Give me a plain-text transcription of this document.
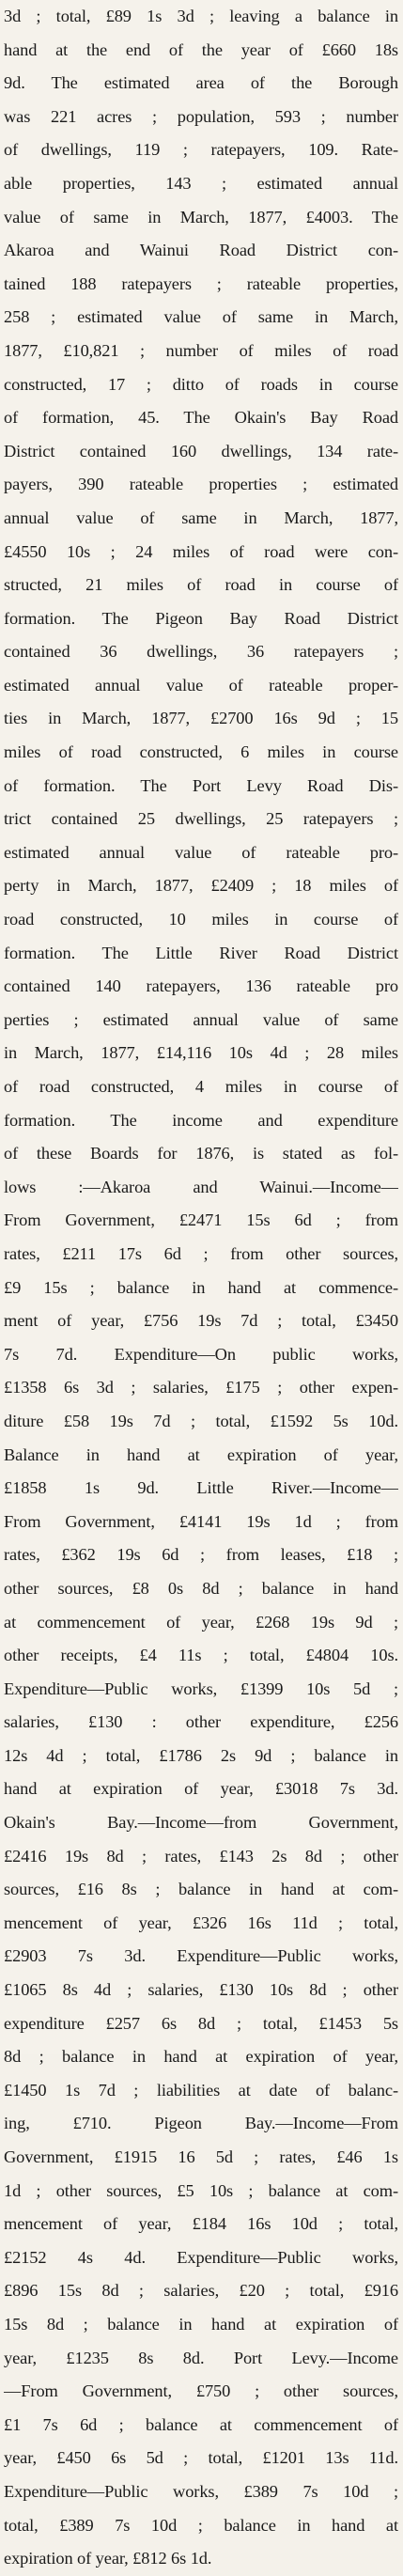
3d ; total, £89 1s 3d ; leaving a balance in
hand at the end of the year of £660 18s
9d. The estimated area of the Borough
was 221 acres ; population, 593 ; number
of dwellings, 119 ; ratepayers, 109. Rate-
able properties, 143 ; estimated annual
value of same in March, 1877, £4003. The
Akaroa and Wainui Road District con-
tained 188 ratepayers ; rateable properties,
258 ; estimated value of same in March,
1877, £10,821 ; number of miles of road
constructed, 17 ; ditto of roads in course
of formation, 45. The Okain's Bay Road
District contained 160 dwellings, 134 rate-
payers, 390 rateable properties ; estimated
annual value of same in March, 1877,
£4550 10s ; 24 miles of road were con-
structed, 21 miles of road in course of
formation. The Pigeon Bay Road District
contained 36 dwellings, 36 ratepayers ;
estimated annual value of rateable proper-
ties in March, 1877, £2700 16s 9d ; 15
miles of road constructed, 6 miles in course
of formation. The Port Levy Road Dis-
trict contained 25 dwellings, 25 ratepayers ;
estimated annual value of rateable pro-
perty in March, 1877, £2409 ; 18 miles of
road constructed, 10 miles in course of
formation. The Little River Road District
contained 140 ratepayers, 136 rateable pro
perties ; estimated annual value of same
in March, 1877, £14,116 10s 4d ; 28 miles
of road constructed, 4 miles in course of
formation. The income and expenditure
of these Boards for 1876, is stated as fol-
lows :—Akaroa and Wainui.—Income—
From Government, £2471 15s 6d ; from
rates, £211 17s 6d ; from other sources,
£9 15s ; balance in hand at commence-
ment of year, £756 19s 7d ; total, £3450
7s 7d. Expenditure—On public works,
£1358 6s 3d ; salaries, £175 ; other expen-
diture £58 19s 7d ; total, £1592 5s 10d.
Balance in hand at expiration of year,
£1858 1s 9d. Little River.—Income—
From Government, £4141 19s 1d ; from
rates, £362 19s 6d ; from leases, £18 ;
other sources, £8 0s 8d ; balance in hand
at commencement of year, £268 19s 9d ;
other receipts, £4 11s ; total, £4804 10s.
Expenditure—Public works, £1399 10s 5d ;
salaries, £130 : other expenditure, £256
12s 4d ; total, £1786 2s 9d ; balance in
hand at expiration of year, £3018 7s 3d.
Okain's Bay.—Income—from Government,
£2416 19s 8d ; rates, £143 2s 8d ; other
sources, £16 8s ; balance in hand at com-
mencement of year, £326 16s 11d ; total,
£2903 7s 3d. Expenditure—Public works,
£1065 8s 4d ; salaries, £130 10s 8d ; other
expenditure £257 6s 8d ; total, £1453 5s
8d ; balance in hand at expiration of year,
£1450 1s 7d ; liabilities at date of balanc-
ing, £710. Pigeon Bay.—Income—From
Government, £1915 16 5d ; rates, £46 1s
1d ; other sources, £5 10s ; balance at com-
mencement of year, £184 16s 10d ; total,
£2152 4s 4d. Expenditure—Public works,
£896 15s 8d ; salaries, £20 ; total, £916
15s 8d ; balance in hand at expiration of
year, £1235 8s 8d. Port Levy.—Income
—From Government, £750 ; other sources,
£1 7s 6d ; balance at commencement of
year, £450 6s 5d ; total, £1201 13s 11d.
Expenditure—Public works, £389 7s 10d ;
total, £389 7s 10d ; balance in hand at
expiration of year, £812 6s 1d.
